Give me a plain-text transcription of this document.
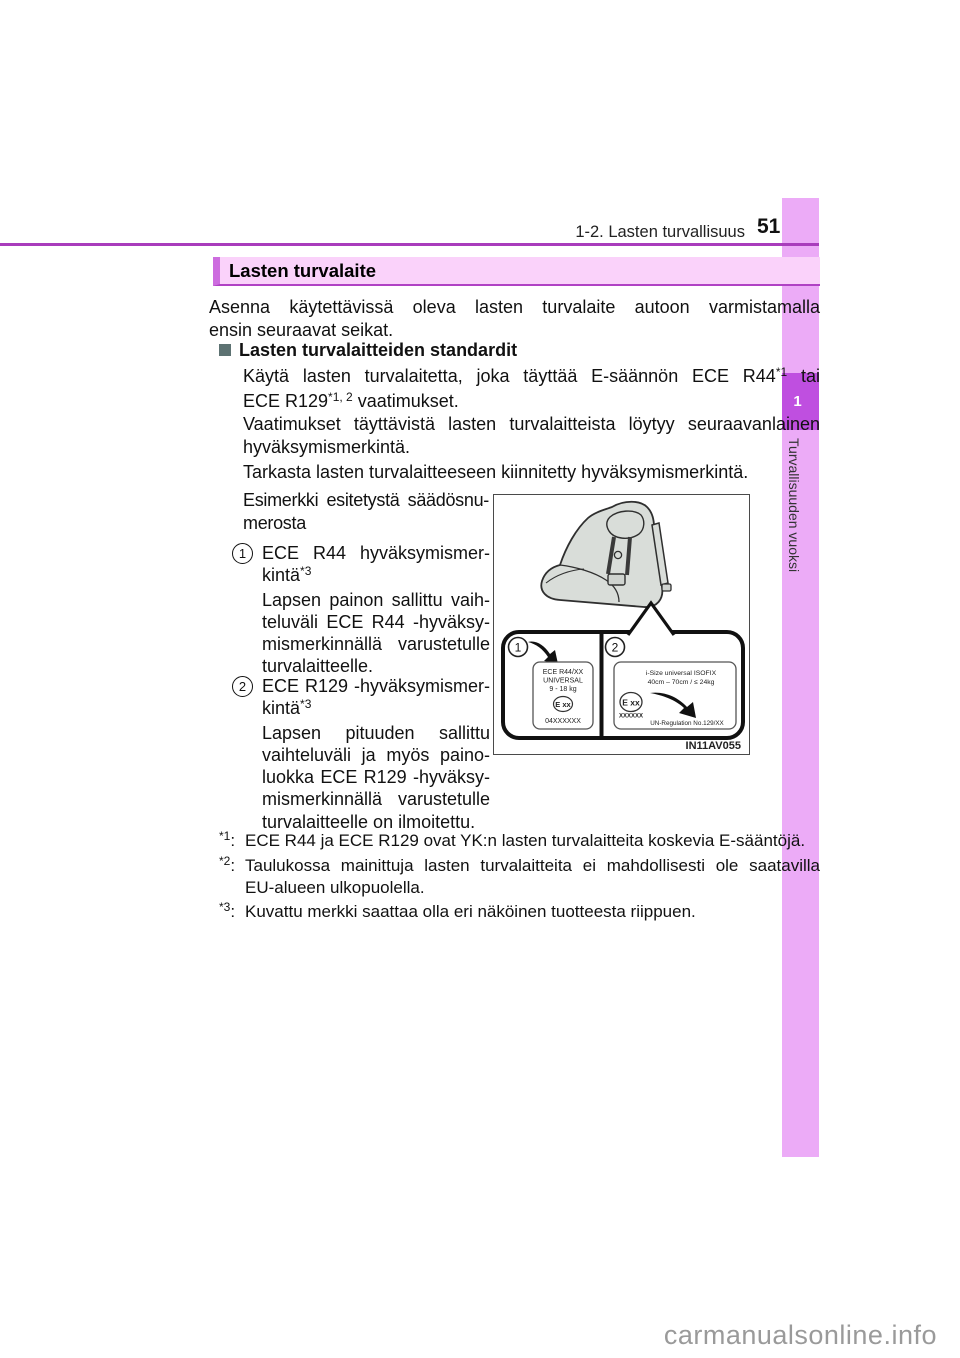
1
Turvallisuuden vuoksi
1-2. Lasten turvallisuus 51
Lasten turvalaite
Asenna käytettävissä oleva lasten turvalaite autoon varmistamalla
ensin seuraavat seikat.
Lasten turvalaitteiden standardit
Käytä lasten turvalaitetta, joka täyttää E-säännön ECE R44$^{*1}$ tai
ECE R129$^{*1, 2}$ vaatimukset.
Vaatimukset täyttävistä lasten turvalaitteista löytyy seuraavanlainen
hyväksymismerkintä.
Tarkasta lasten turvalaitteeseen kiinnitetty hyväksymismerkintä.
Esimerkki esitetystä säädösnu-
merosta
1 ECE R44 hyväksymismer-
kintä$^{*3}$
Lapsen painon sallittu vaih-
teluväli ECE R44 -hyväksy-
mismerkinnällä varustetulle
turvalaitteelle.
2 ECE R129 -hyväksymismer-
kintä$^{*3}$
Lapsen pituuden sallittu
vaihteluväli ja myös paino-
luokka ECE R129 -hyväksy-
mismerkinnällä varustetulle
turvalaitteelle on ilmoitettu.
1
ECE R44/XX
UNIVERSAL
9 - 18 kg
E xx
04XXXXXX
2
i-Size universal ISOFIX
40cm – 70cm / ≤ 24kg
E xx
XXXXXX
UN-Regulation No.129/XX
IN11AV055
$^{*1}$: ECE R44 ja ECE R129 ovat YK:n lasten turvalaitteita koskevia E-sääntöjä.
$^{*2}$: Taulukossa mainittuja lasten turvalaitteita ei mahdollisesti ole saatavilla
EU-alueen ulkopuolella.
$^{*3}$: Kuvattu merkki saattaa olla eri näköinen tuotteesta riippuen.
carmanualsonline.info
